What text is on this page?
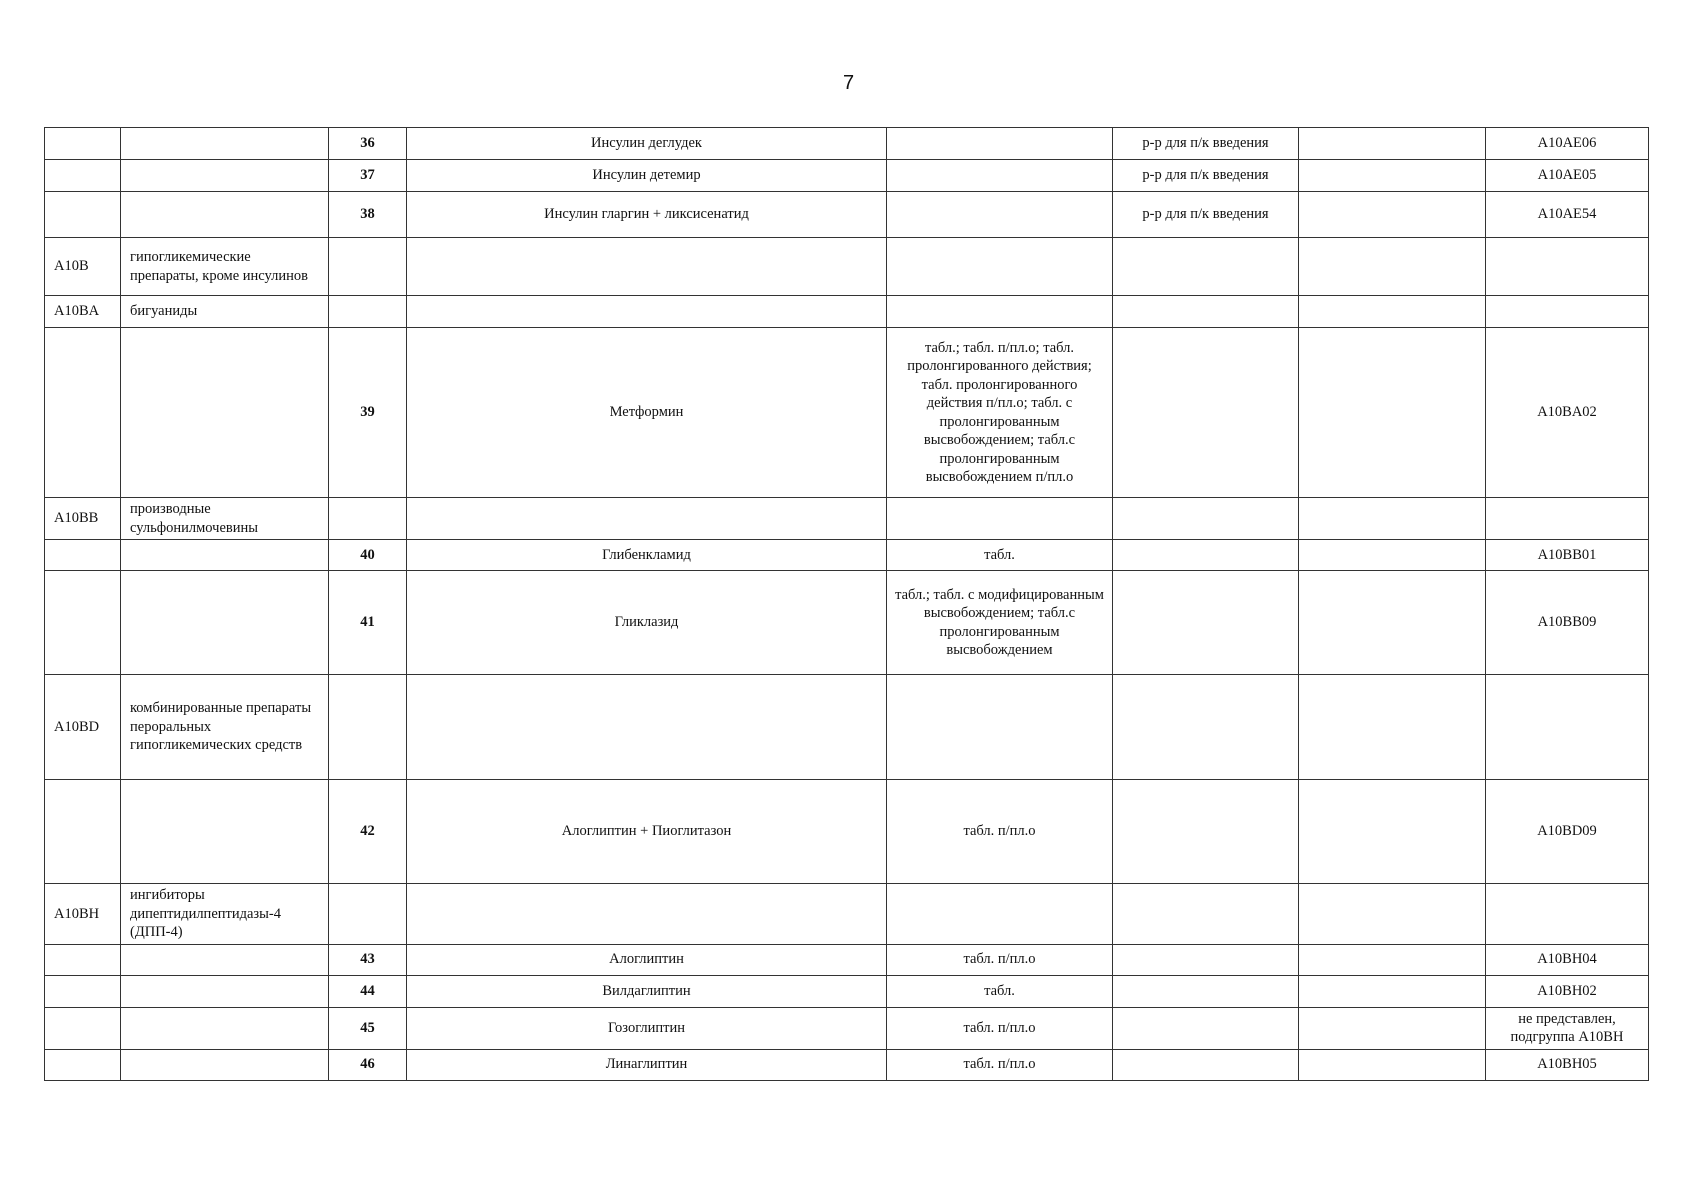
7
		36	Инсулин деглудек		р-р для п/к введения		A10AE06
		37	Инсулин детемир		р-р для п/к введения		A10AE05
		38	Инсулин гларгин + ликсисенатид		р-р для п/к введения		A10AE54
A10B	гипогликемические препараты, кроме инсулинов						
A10BA	бигуаниды						
		39	Метформин	табл.; табл. п/пл.о; табл. пролонгированного действия; табл. пролонгированного действия п/пл.о; табл. с пролонгированным высвобождением; табл.с пролонгированным высвобождением п/пл.о			A10BA02
A10BB	производные сульфонилмочевины						
		40	Глибенкламид	табл.			A10BB01
		41	Гликлазид	табл.; табл. с модифицированным высвобождением; табл.с пролонгированным высвобождением			A10BB09
A10BD	комбинированные препараты пероральных гипогликемических средств						
		42	Алоглиптин + Пиоглитазон	табл. п/пл.о			A10BD09
A10BH	ингибиторы дипептидилпептидазы-4 (ДПП-4)						
		43	Алоглиптин	табл. п/пл.о			A10BH04
		44	Вилдаглиптин	табл.			A10BH02
		45	Гозоглиптин	табл. п/пл.о			не представлен, подгруппа A10BH
		46	Линаглиптин	табл. п/пл.о			A10BH05
